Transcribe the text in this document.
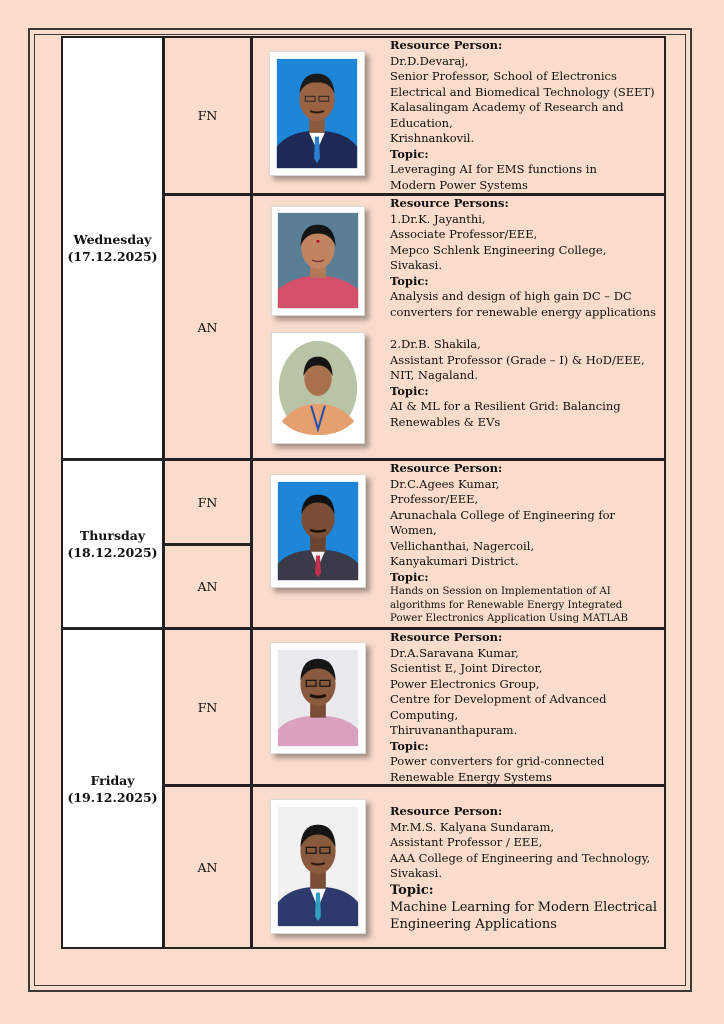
Wednesday
(17.12.2025)
Thursday
(18.12.2025)
Friday
(19.12.2025)
FN
AN
FN
AN
FN
AN
Resource Person:
Dr.D.Devaraj,
Senior Professor, School of Electronics
Electrical and Biomedical Technology (SEET)
Kalasalingam Academy of Research and
Education,
Krishnankovil.
Topic:
Leveraging AI for EMS functions in
Modern Power Systems
Resource Persons:
1.Dr.K. Jayanthi,
Associate Professor/EEE,
Mepco Schlenk Engineering College,
Sivakasi.
Topic:
Analysis and design of high gain DC – DC
converters for renewable energy applications
2.Dr.B. Shakila,
Assistant Professor (Grade – I) & HoD/EEE,
NIT, Nagaland.
Topic:
AI & ML for a Resilient Grid: Balancing
Renewables & EVs
Resource Person:
Dr.C.Agees Kumar,
Professor/EEE,
Arunachala College of Engineering for
Women,
Vellichanthai, Nagercoil,
Kanyakumari District.
Topic:
Hands on Session on Implementation of AI
algorithms for Renewable Energy Integrated
Power Electronics Application Using MATLAB
Resource Person:
Dr.A.Saravana Kumar,
Scientist E, Joint Director,
Power Electronics Group,
Centre for Development of Advanced
Computing,
Thiruvananthapuram.
Topic:
Power converters for grid-connected
Renewable Energy Systems
Resource Person:
Mr.M.S. Kalyana Sundaram,
Assistant Professor / EEE,
AAA College of Engineering and Technology,
Sivakasi.
Topic:
Machine Learning for Modern Electrical
Engineering Applications
